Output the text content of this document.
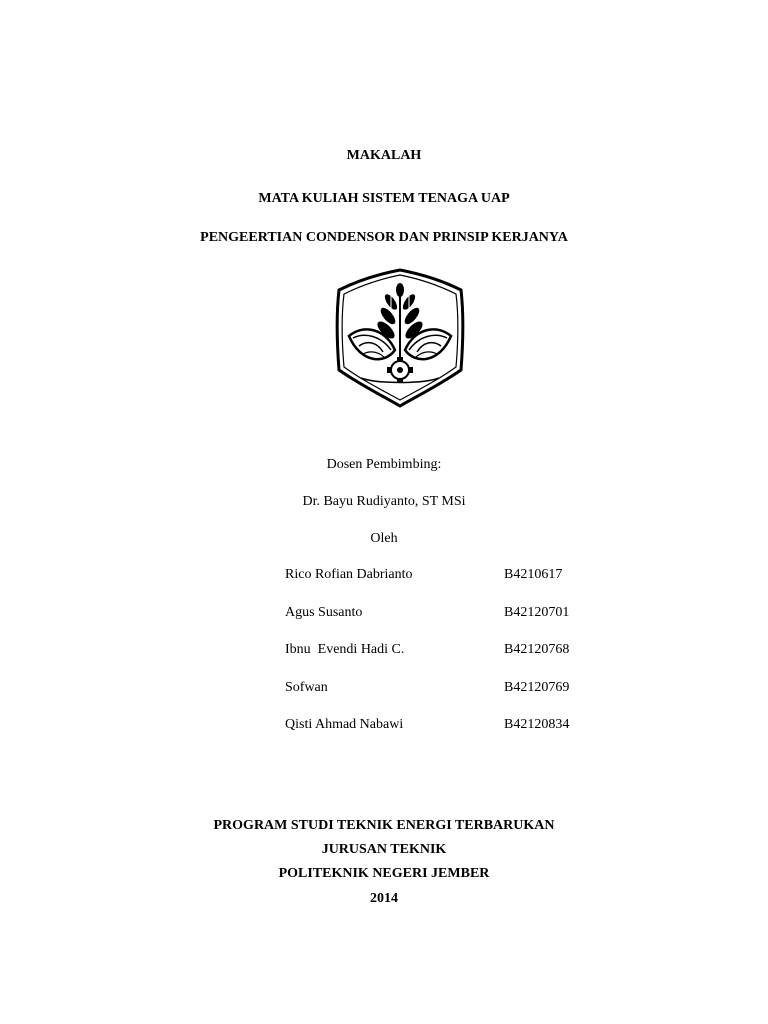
MAKALAH
MATA KULIAH SISTEM TENAGA UAP
PENGEERTIAN CONDENSOR DAN PRINSIP KERJANYA
Dosen Pembimbing:
Dr. Bayu Rudiyanto, ST MSi
Oleh
Rico Rofian Dabrianto	B4210617
Agus Susanto	B42120701
Ibnu  Evendi Hadi C.	B42120768
Sofwan	B42120769
Qisti Ahmad Nabawi	B42120834
PROGRAM STUDI TEKNIK ENERGI TERBARUKAN
JURUSAN TEKNIK
POLITEKNIK NEGERI JEMBER
2014
